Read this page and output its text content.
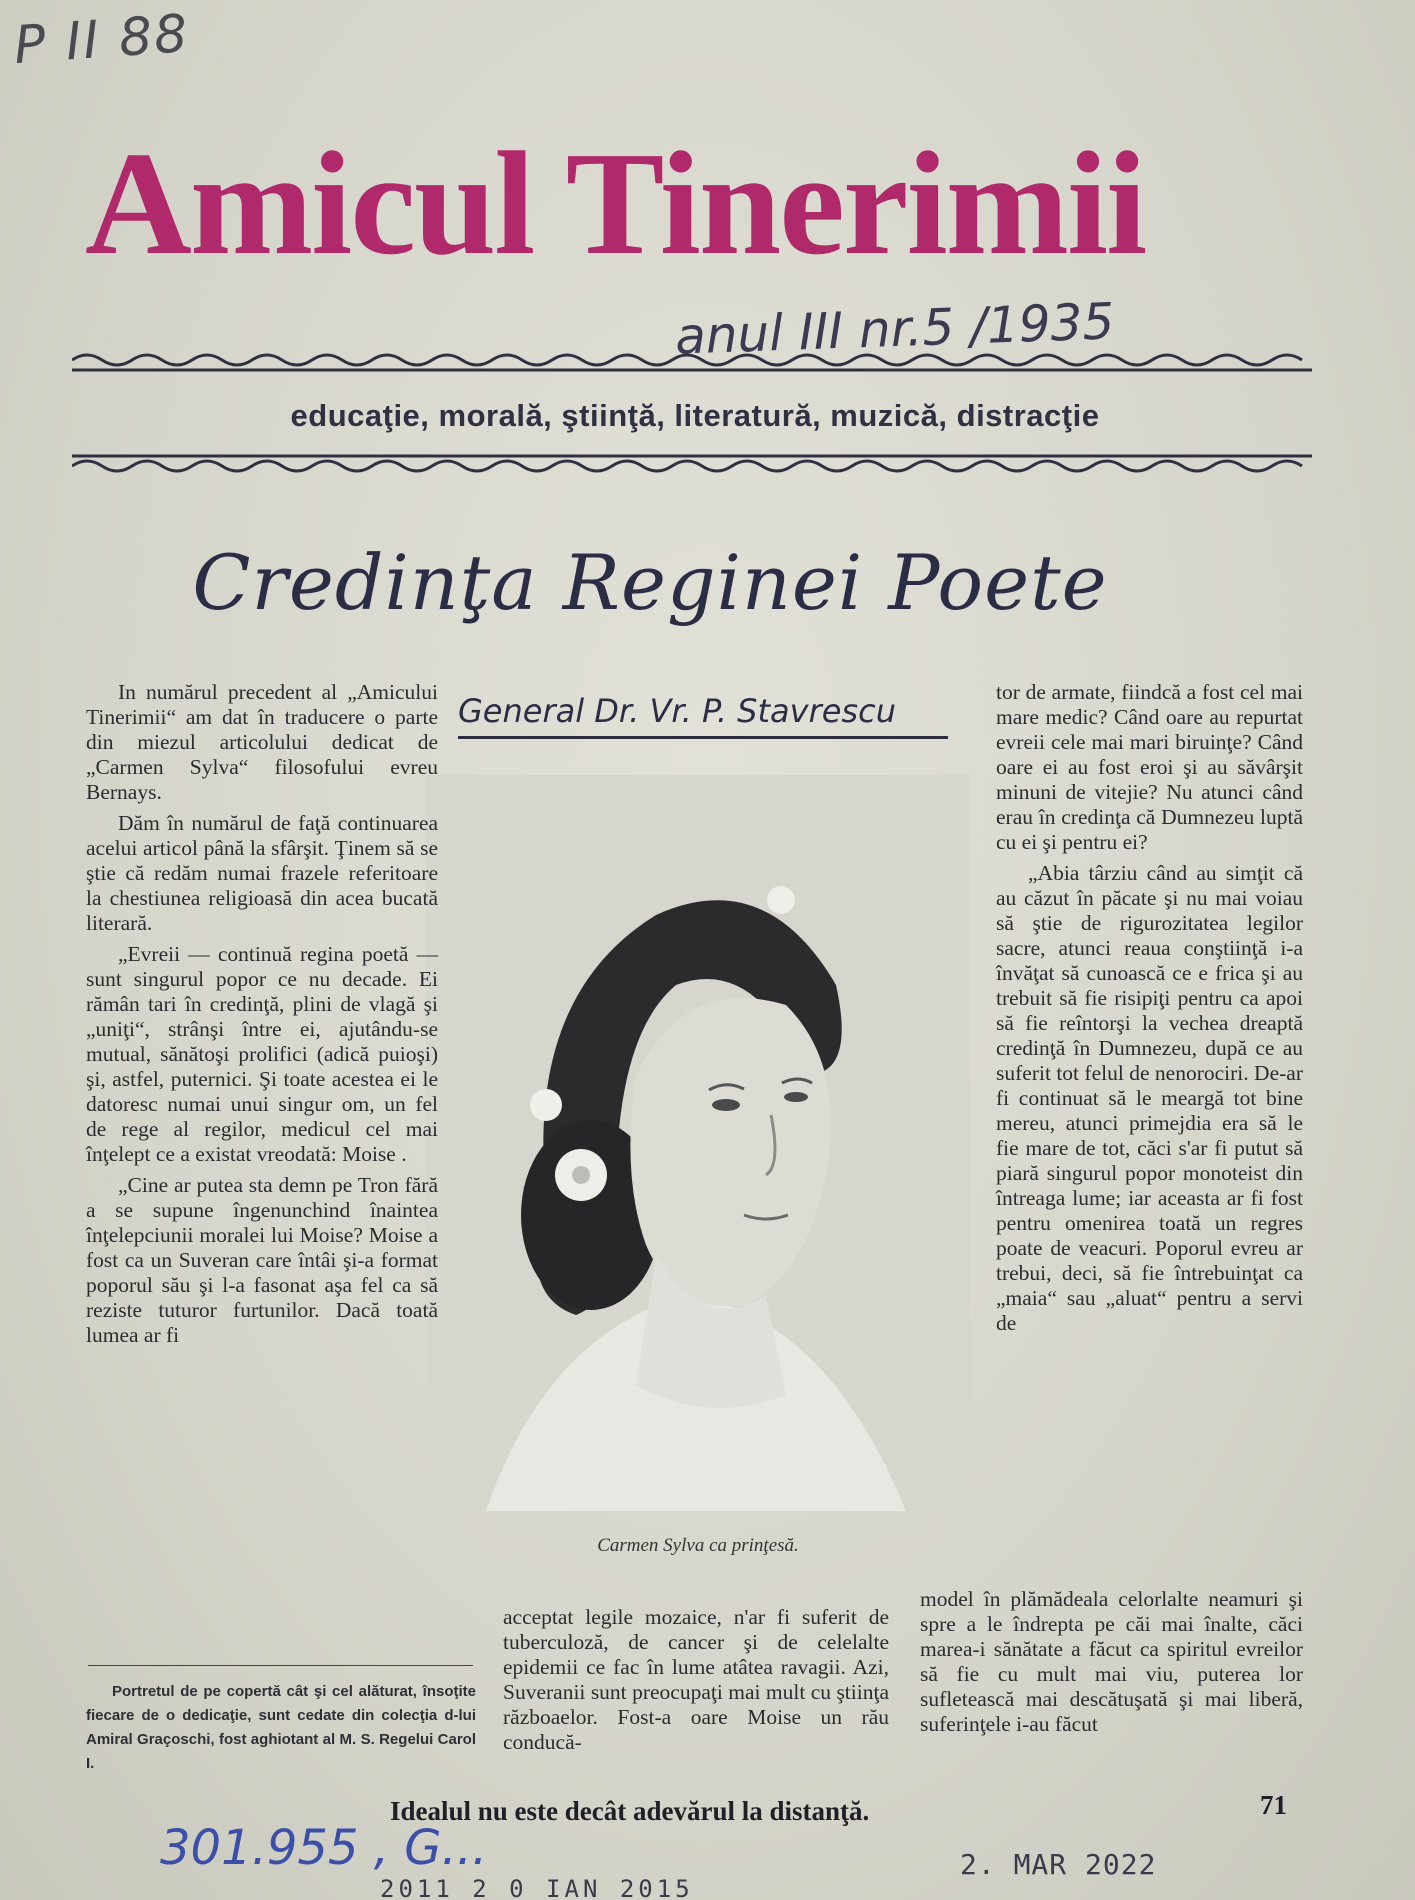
P II 88
Amicul Tinerimii
anul III nr.5 /1935
educaţie, morală, ştiinţă, literatură, muzică, distracţie
Credinţa Reginei Poete
General Dr. Vr. P. Stavrescu
Carmen Sylva ca prinţesă.

In numărul precedent al „Amicului Tinerimii“ am dat în traducere o parte din miezul articolului dedicat de „Carmen Sylva“ filosofului evreu Bernays.

Dăm în numărul de faţă continuarea acelui articol până la sfârşit. Ţinem să se ştie că redăm numai frazele referitoare la chestiunea religioasă din acea bucată literară.

„Evreii — continuă regina poetă — sunt singurul popor ce nu decade. Ei rămân tari în credinţă, plini de vlagă şi „uniţi“, strânşi între ei, ajutându-se mutual, sănătoşi prolifici (adică puioşi) şi, astfel, puternici. Şi toate acestea ei le datoresc numai unui singur om, un fel de rege al regilor, medicul cel mai înţelept ce a existat vreodată: Moise .

„Cine ar putea sta demn pe Tron fără a se supune îngenunchind înaintea înţelepciunii moralei lui Moise? Moise a fost ca un Suveran care întâi şi-a format poporul său şi l-a fasonat aşa fel ca să reziste tuturor furtunilor. Dacă toată lumea ar fi

tor de armate, fiindcă a fost cel mai mare medic? Când oare au repurtat evreii cele mai mari biruinţe? Când oare ei au fost eroi şi au săvârşit minuni de vitejie? Nu atunci când erau în credinţa că Dumnezeu luptă cu ei şi pentru ei?

„Abia târziu când au simţit că au căzut în păcate şi nu mai voiau să ştie de rigurozitatea legilor sacre, atunci reaua conştiinţă i-a învăţat să cunoască ce e frica şi au trebuit să fie risipiţi pentru ca apoi să fie reîntorşi la vechea dreaptă credinţă în Dumnezeu, după ce au suferit tot felul de nenorociri. De-ar fi continuat să le meargă tot bine mereu, atunci primejdia era să le fie mare de tot, căci s'ar fi putut să piară singurul popor monoteist din întreaga lume; iar aceasta ar fi fost pentru omenirea toată un regres poate de veacuri. Poporul evreu ar trebui, deci, să fie întrebuinţat ca „maia“ sau „aluat“ pentru a servi de

acceptat legile mozaice, n'ar fi suferit de tuberculoză, de cancer şi de celelalte epidemii ce fac în lume atâtea ravagii. Azi, Suveranii sunt preocupaţi mai mult cu ştiinţa războaelor. Fost-a oare Moise un rău conducă-

model în plămădeala celorlalte neamuri şi spre a le îndrepta pe căi mai înalte, căci marea-i sănătate a făcut ca spiritul evreilor să fie cu mult mai viu, puterea lor sufletească mai descătuşată şi mai liberă, suferinţele i-au făcut

Portretul de pe copertă cât şi cel alăturat, însoţite fiecare de o dedicaţie, sunt cedate din colecţia d-lui Amiral Graçoschi, fost aghiotant al M. S. Regelui Carol I.
Idealul nu este decât adevărul la distanţă.	71
301.955 , G...	2. MAR 2022
2011 2 0 IAN 2015
